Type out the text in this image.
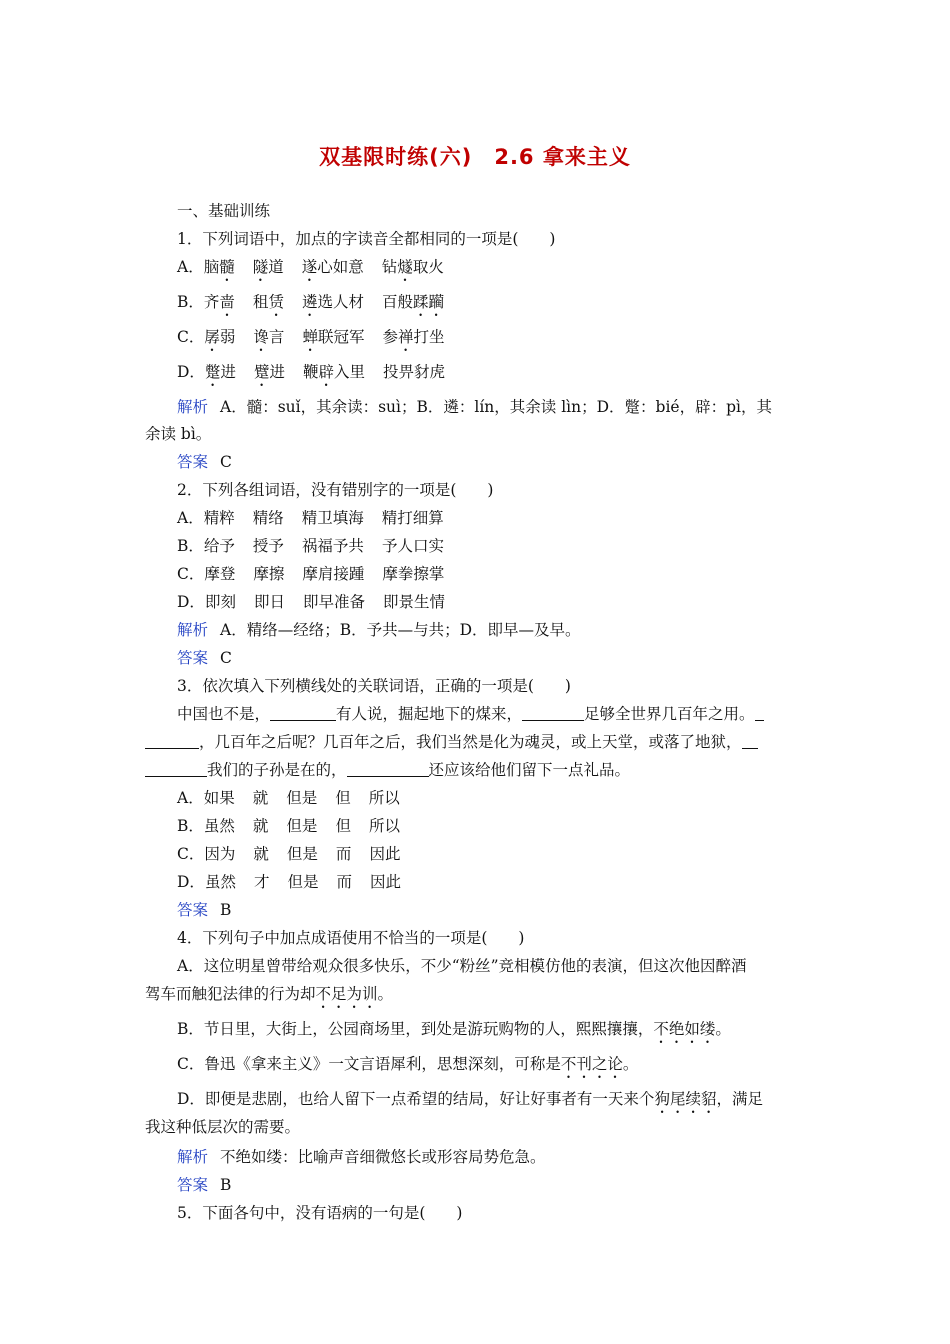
双基限时练(六)　2.6 拿来主义
一、基础训练
1．下列词语中，加点的字读音全都相同的一项是(　　)
A．脑髓 隧道 遂心如意 钻燧取火
B．齐啬 租赁 遴选人材 百般蹂躏
C．孱弱 谗言 蝉联冠军 参禅打坐
D．蹩进 躄进 鞭辟入里 投畀豺虎
解析 A．髓：suǐ，其余读：suì；B．遴：lín，其余读 lìn；D．蹩：bié，辟：pì，其
余读 bì。
答案 C
2．下列各组词语，没有错别字的一项是(　　)
A．精粹 精络 精卫填海 精打细算
B．给予 授予 祸福予共 予人口实
C．摩登 摩擦 摩肩接踵 摩拳擦掌
D．即刻 即日 即早准备 即景生情
解析 A．精络—经络；B．予共—与共；D．即早—及早。
答案 C
3．依次填入下列横线处的关联词语，正确的一项是(　　)
中国也不是，	有人说，掘起地下的煤来，	足够全世界几百年之用。
，几百年之后呢？几百年之后，我们当然是化为魂灵，或上天堂，或落了地狱，
我们的子孙是在的，	还应该给他们留下一点礼品。
A．如果 就 但是 但 所以
B．虽然 就 但是 但 所以
C．因为 就 但是 而 因此
D．虽然 才 但是 而 因此
答案 B
4．下列句子中加点成语使用不恰当的一项是(　　)
A．这位明星曾带给观众很多快乐，不少“粉丝”竞相模仿他的表演，但这次他因醉酒
驾车而触犯法律的行为却不足为训。
B．节日里，大街上，公园商场里，到处是游玩购物的人，熙熙攘攘，不绝如缕。
C．鲁迅《拿来主义》一文言语犀利，思想深刻，可称是不刊之论。
D．即便是悲剧，也给人留下一点希望的结局，好让好事者有一天来个狗尾续貂，满足
我这种低层次的需要。
解析 不绝如缕：比喻声音细微悠长或形容局势危急。
答案 B
5．下面各句中，没有语病的一句是(　　)
